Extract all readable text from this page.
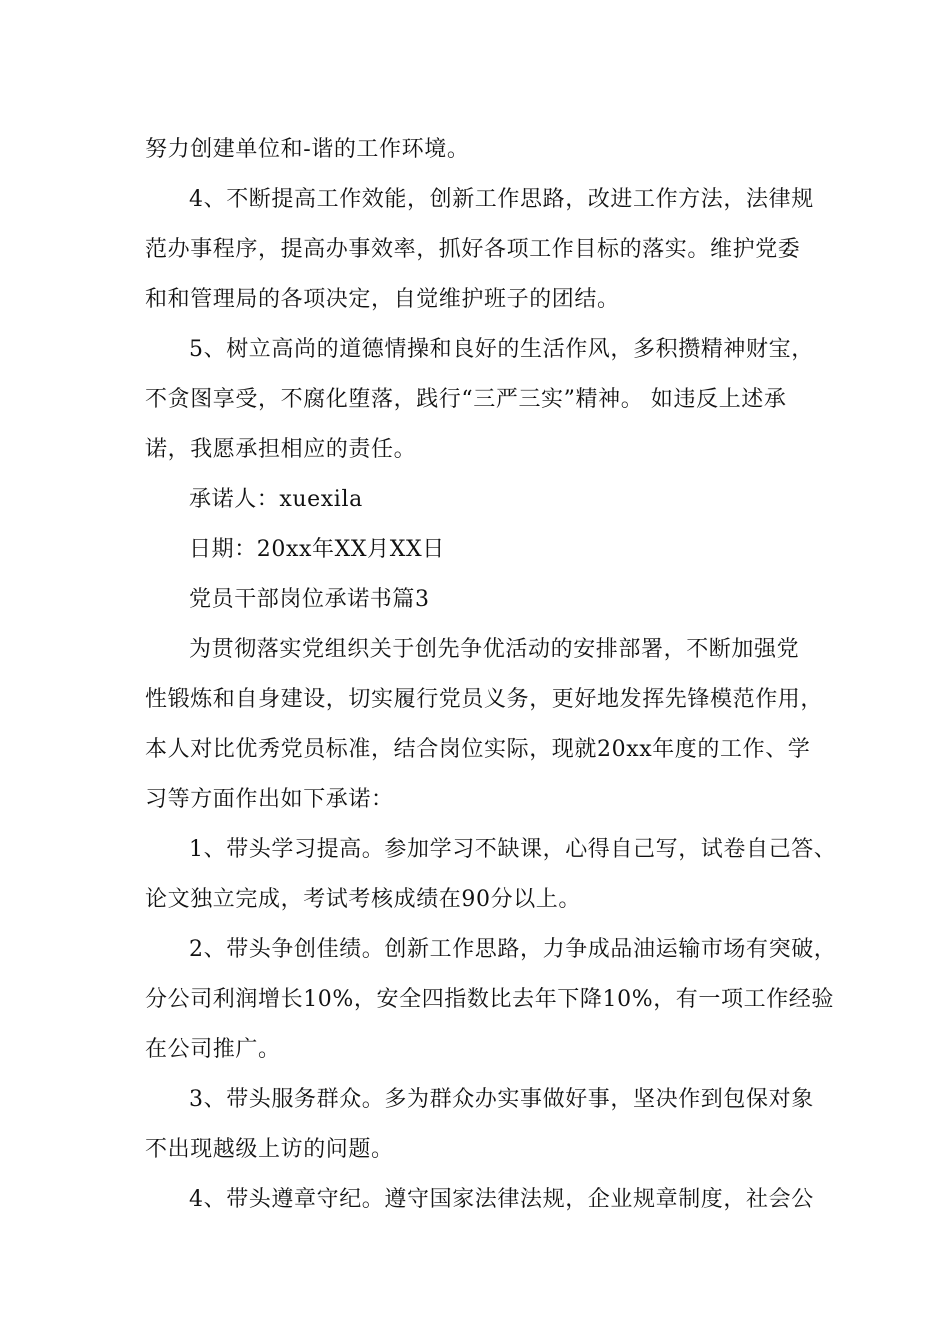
努力创建单位和-谐的工作环境。
4、不断提高工作效能，创新工作思路，改进工作方法，法律规
范办事程序，提高办事效率，抓好各项工作目标的落实。维护党委
和和管理局的各项决定，自觉维护班子的团结。
5、树立高尚的道德情操和良好的生活作风，多积攒精神财宝，
不贪图享受，不腐化堕落，践行“三严三实”精神。 如违反上述承
诺，我愿承担相应的责任。
承诺人：xuexila
日期：20xx年XX月XX日
党员干部岗位承诺书篇3
为贯彻落实党组织关于创先争优活动的安排部署，不断加强党
性锻炼和自身建设，切实履行党员义务，更好地发挥先锋模范作用，
本人对比优秀党员标准，结合岗位实际，现就20xx年度的工作、学
习等方面作出如下承诺：
1、带头学习提高。参加学习不缺课，心得自己写，试卷自己答、
论文独立完成，考试考核成绩在90分以上。
2、带头争创佳绩。创新工作思路，力争成品油运输市场有突破，
分公司利润增长10%，安全四指数比去年下降10%，有一项工作经验
在公司推广。
3、带头服务群众。多为群众办实事做好事，坚决作到包保对象
不出现越级上访的问题。
4、带头遵章守纪。遵守国家法律法规，企业规章制度，社会公
